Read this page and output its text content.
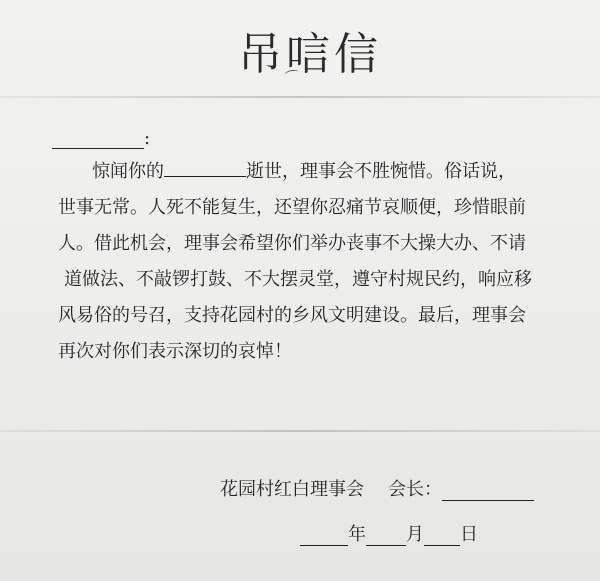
吊唁信
:
惊闻你的	逝世，理事会不胜惋惜。俗话说，
世事无常。人死不能复生，还望你忍痛节哀顺便，珍惜眼前
人。借此机会，理事会希望你们举办丧事不大操大办、不请
道做法、不敲锣打鼓、不大摆灵堂，遵守村规民约，响应移
风易俗的号召，支持花园村的乡风文明建设。最后，理事会
再次对你们表示深切的哀悼！
花园村红白理事会 会长：
年 月 日
